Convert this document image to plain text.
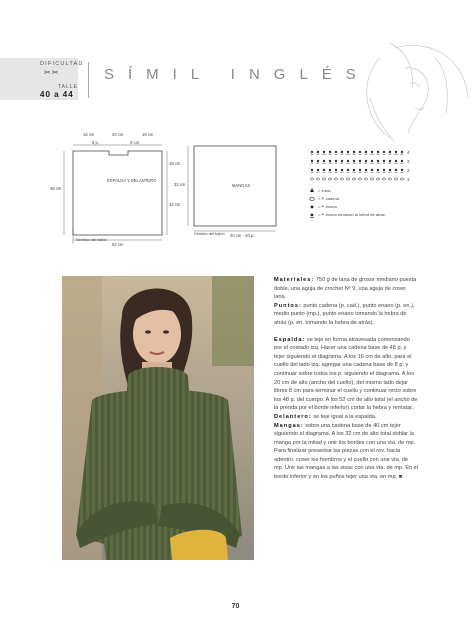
DIFICULTAD
✂✂
TALLE
40 a 44
SÍMIL INGLÉS
16 cm	20 cm	16 cm
8 p.	8 cm
ESPALDA Y DELANTERO
48 cm
18 cm
32 cm
52 cm
Sentido del tejido
32 cm	MANGAS
40 cm - 40 p.
Sentido del tejido
4
3
2
1
= Inicio
= P. cadena
= P. enano
= P. enano tomando la hebra de atrás

Materiales: 750 g de lana de grosor mediano puesta doble, una aguja de crochet Nº 9, una aguja de coser lana.

Puntos: punto cadena (p. cad.), punto enano (p. en.), medio punto (mp.), punto enano tomando la hebra de atrás (p. en. tomando la hebra de atrás).

Espalda: se teje en forma atravesada comenzando por el costado izq. Hacer una cadena base de 48 p. y tejer siguiendo el diagrama. A los 16 cm de alto, para el cuello del lado izq. agregar una cadena base de 8 p. y continuar sobre todos los p. siguiendo el diagrama. A los 20 cm de alto (ancho del cuello), del mismo lado dejar libres 8 cm para terminar el cuello y continuar recto sobre los 48 p. del cuerpo. A los 52 cm de alto total (el ancho de la prenda por el borde inferior) cortar la hebra y rematar.

Delantero: se teje igual a la espalda.

Mangas: sobre una cadena base de 40 cm tejer siguiendo el diagrama. A los 32 cm de alto total doblar la manga por la mitad y unir los bordes con una vta. de mp.

Para finalizar presentar las piezas con el rev. hacia adentro. coser los hombros y el cuello con una vta. de mp. Unir las mangas a las sisas con una vta. de mp. En el borde inferior y en los puños tejer una vta. en mp. ■

70
